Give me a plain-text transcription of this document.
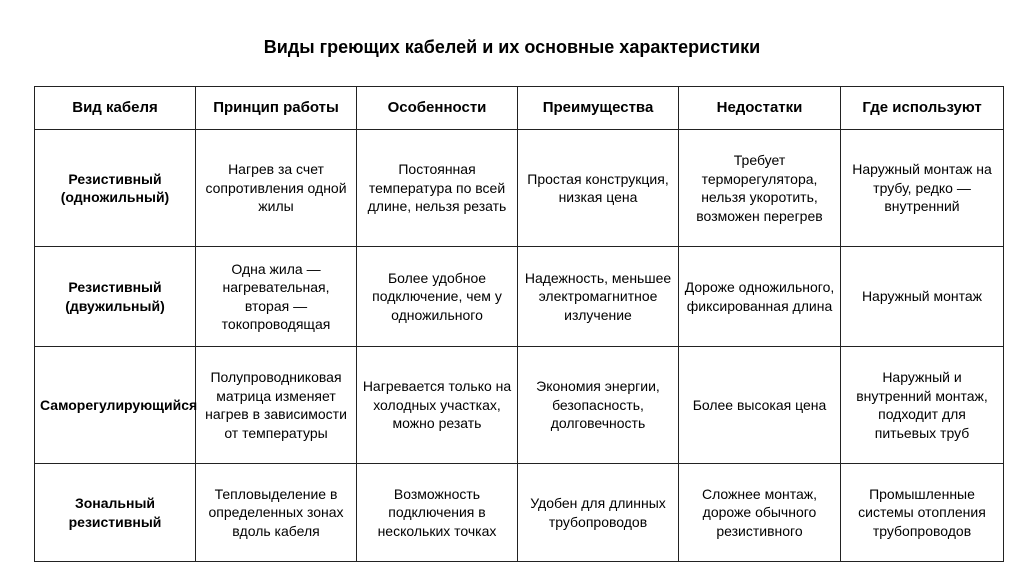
Виды греющих кабелей и их основные характеристики
Вид кабеля	Принцип работы	Особенности	Преимущества	Недостатки	Где используют
Резистивный (одножильный)	Нагрев за счет сопротивления одной жилы	Постоянная температура по всей длине, нельзя резать	Простая конструкция, низкая цена	Требует терморегулятора, нельзя укоротить, возможен перегрев	Наружный монтаж на трубу, редко — внутренний
Резистивный (двужильный)	Одна жила — нагревательная, вторая — токопроводящая	Более удобное подключение, чем у одножильного	Надежность, меньшее электромагнитное излучение	Дороже одножильного, фиксированная длина	Наружный монтаж
Саморегулирующийся	Полупроводниковая матрица изменяет нагрев в зависимости от температуры	Нагревается только на холодных участках, можно резать	Экономия энергии, безопасность, долговечность	Более высокая цена	Наружный и внутренний монтаж, подходит для питьевых труб
Зональный резистивный	Тепловыделение в определенных зонах вдоль кабеля	Возможность подключения в нескольких точках	Удобен для длинных трубопроводов	Сложнее монтаж, дороже обычного резистивного	Промышленные системы отопления трубопроводов
